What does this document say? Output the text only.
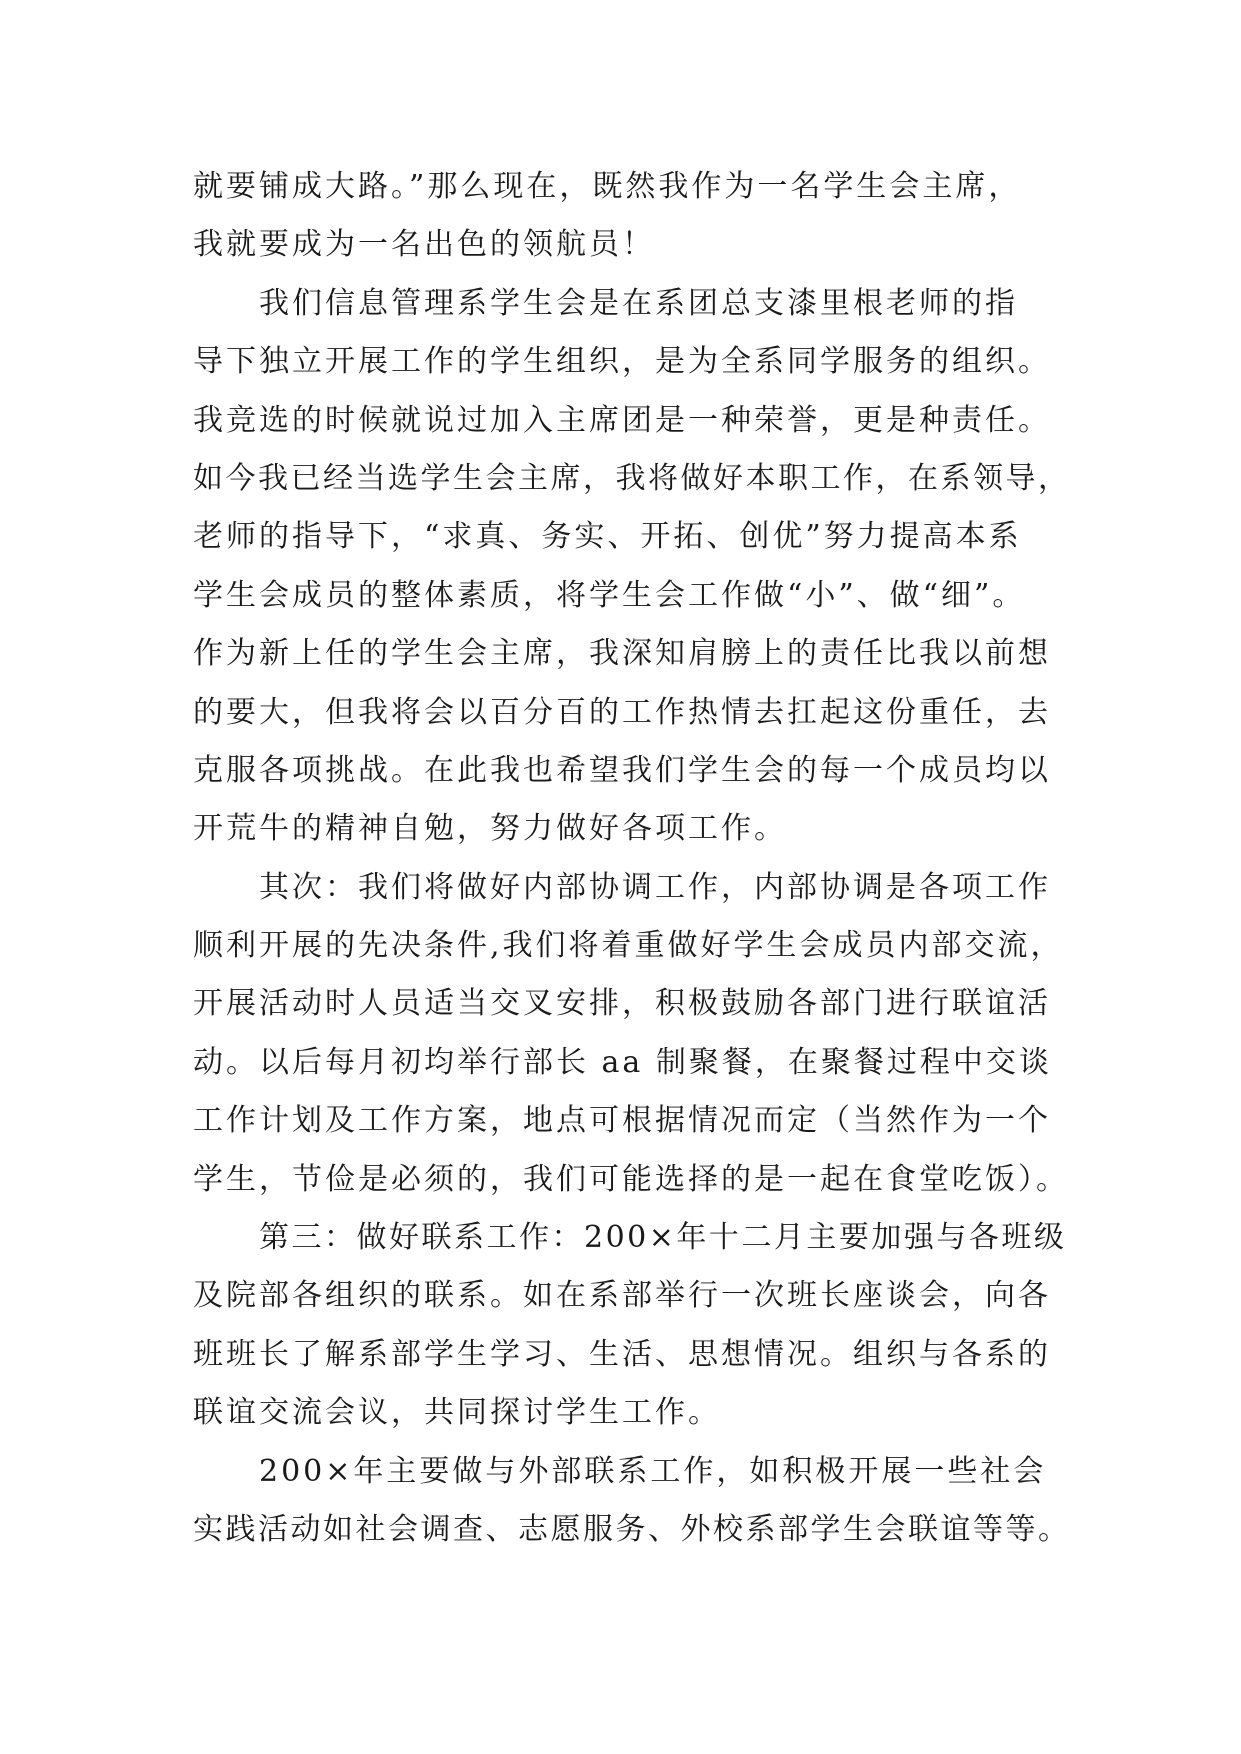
就要铺成大路。”那么现在，既然我作为一名学生会主席，
我就要成为一名出色的领航员！
我们信息管理系学生会是在系团总支漆里根老师的指
导下独立开展工作的学生组织，是为全系同学服务的组织。
我竞选的时候就说过加入主席团是一种荣誉，更是种责任。
如今我已经当选学生会主席，我将做好本职工作，在系领导，
老师的指导下，“求真、务实、开拓、创优”努力提高本系
学生会成员的整体素质，将学生会工作做“小”、做“细”。
作为新上任的学生会主席，我深知肩膀上的责任比我以前想
的要大，但我将会以百分百的工作热情去扛起这份重任，去
克服各项挑战。在此我也希望我们学生会的每一个成员均以
开荒牛的精神自勉，努力做好各项工作。
其次：我们将做好内部协调工作，内部协调是各项工作
顺利开展的先决条件,我们将着重做好学生会成员内部交流，
开展活动时人员适当交叉安排，积极鼓励各部门进行联谊活
动。以后每月初均举行部长 aa 制聚餐，在聚餐过程中交谈
工作计划及工作方案，地点可根据情况而定（当然作为一个
学生，节俭是必须的，我们可能选择的是一起在食堂吃饭）。
第三：做好联系工作：200×年十二月主要加强与各班级
及院部各组织的联系。如在系部举行一次班长座谈会，向各
班班长了解系部学生学习、生活、思想情况。组织与各系的
联谊交流会议，共同探讨学生工作。
200×年主要做与外部联系工作，如积极开展一些社会
实践活动如社会调查、志愿服务、外校系部学生会联谊等等。
